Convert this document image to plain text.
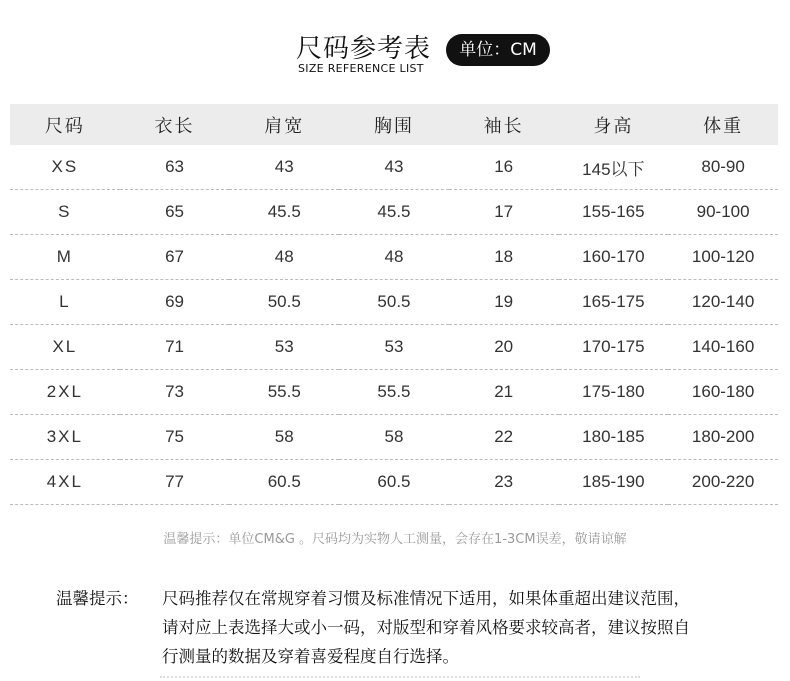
尺码参考表
SIZE REFERENCE LIST
单位：CM
尺码	衣长	肩宽	胸围	袖长	身高	体重
XS	63	43	43	16	145以下	80-90
S	65	45.5	45.5	17	155-165	90-100
M	67	48	48	18	160-170	100-120
L	69	50.5	50.5	19	165-175	120-140
XL	71	53	53	20	170-175	140-160
2XL	73	55.5	55.5	21	175-180	160-180
3XL	75	58	58	22	180-185	180-200
4XL	77	60.5	60.5	23	185-190	200-220
温馨提示：单位CM&G 。尺码均为实物人工测量，会存在1-3CM误差，敬请谅解
温馨提示： 尺码推荐仅在常规穿着习惯及标准情况下适用，如果体重超出建议范围，请对应上表选择大或小一码，对版型和穿着风格要求较高者，建议按照自行测量的数据及穿着喜爱程度自行选择。
